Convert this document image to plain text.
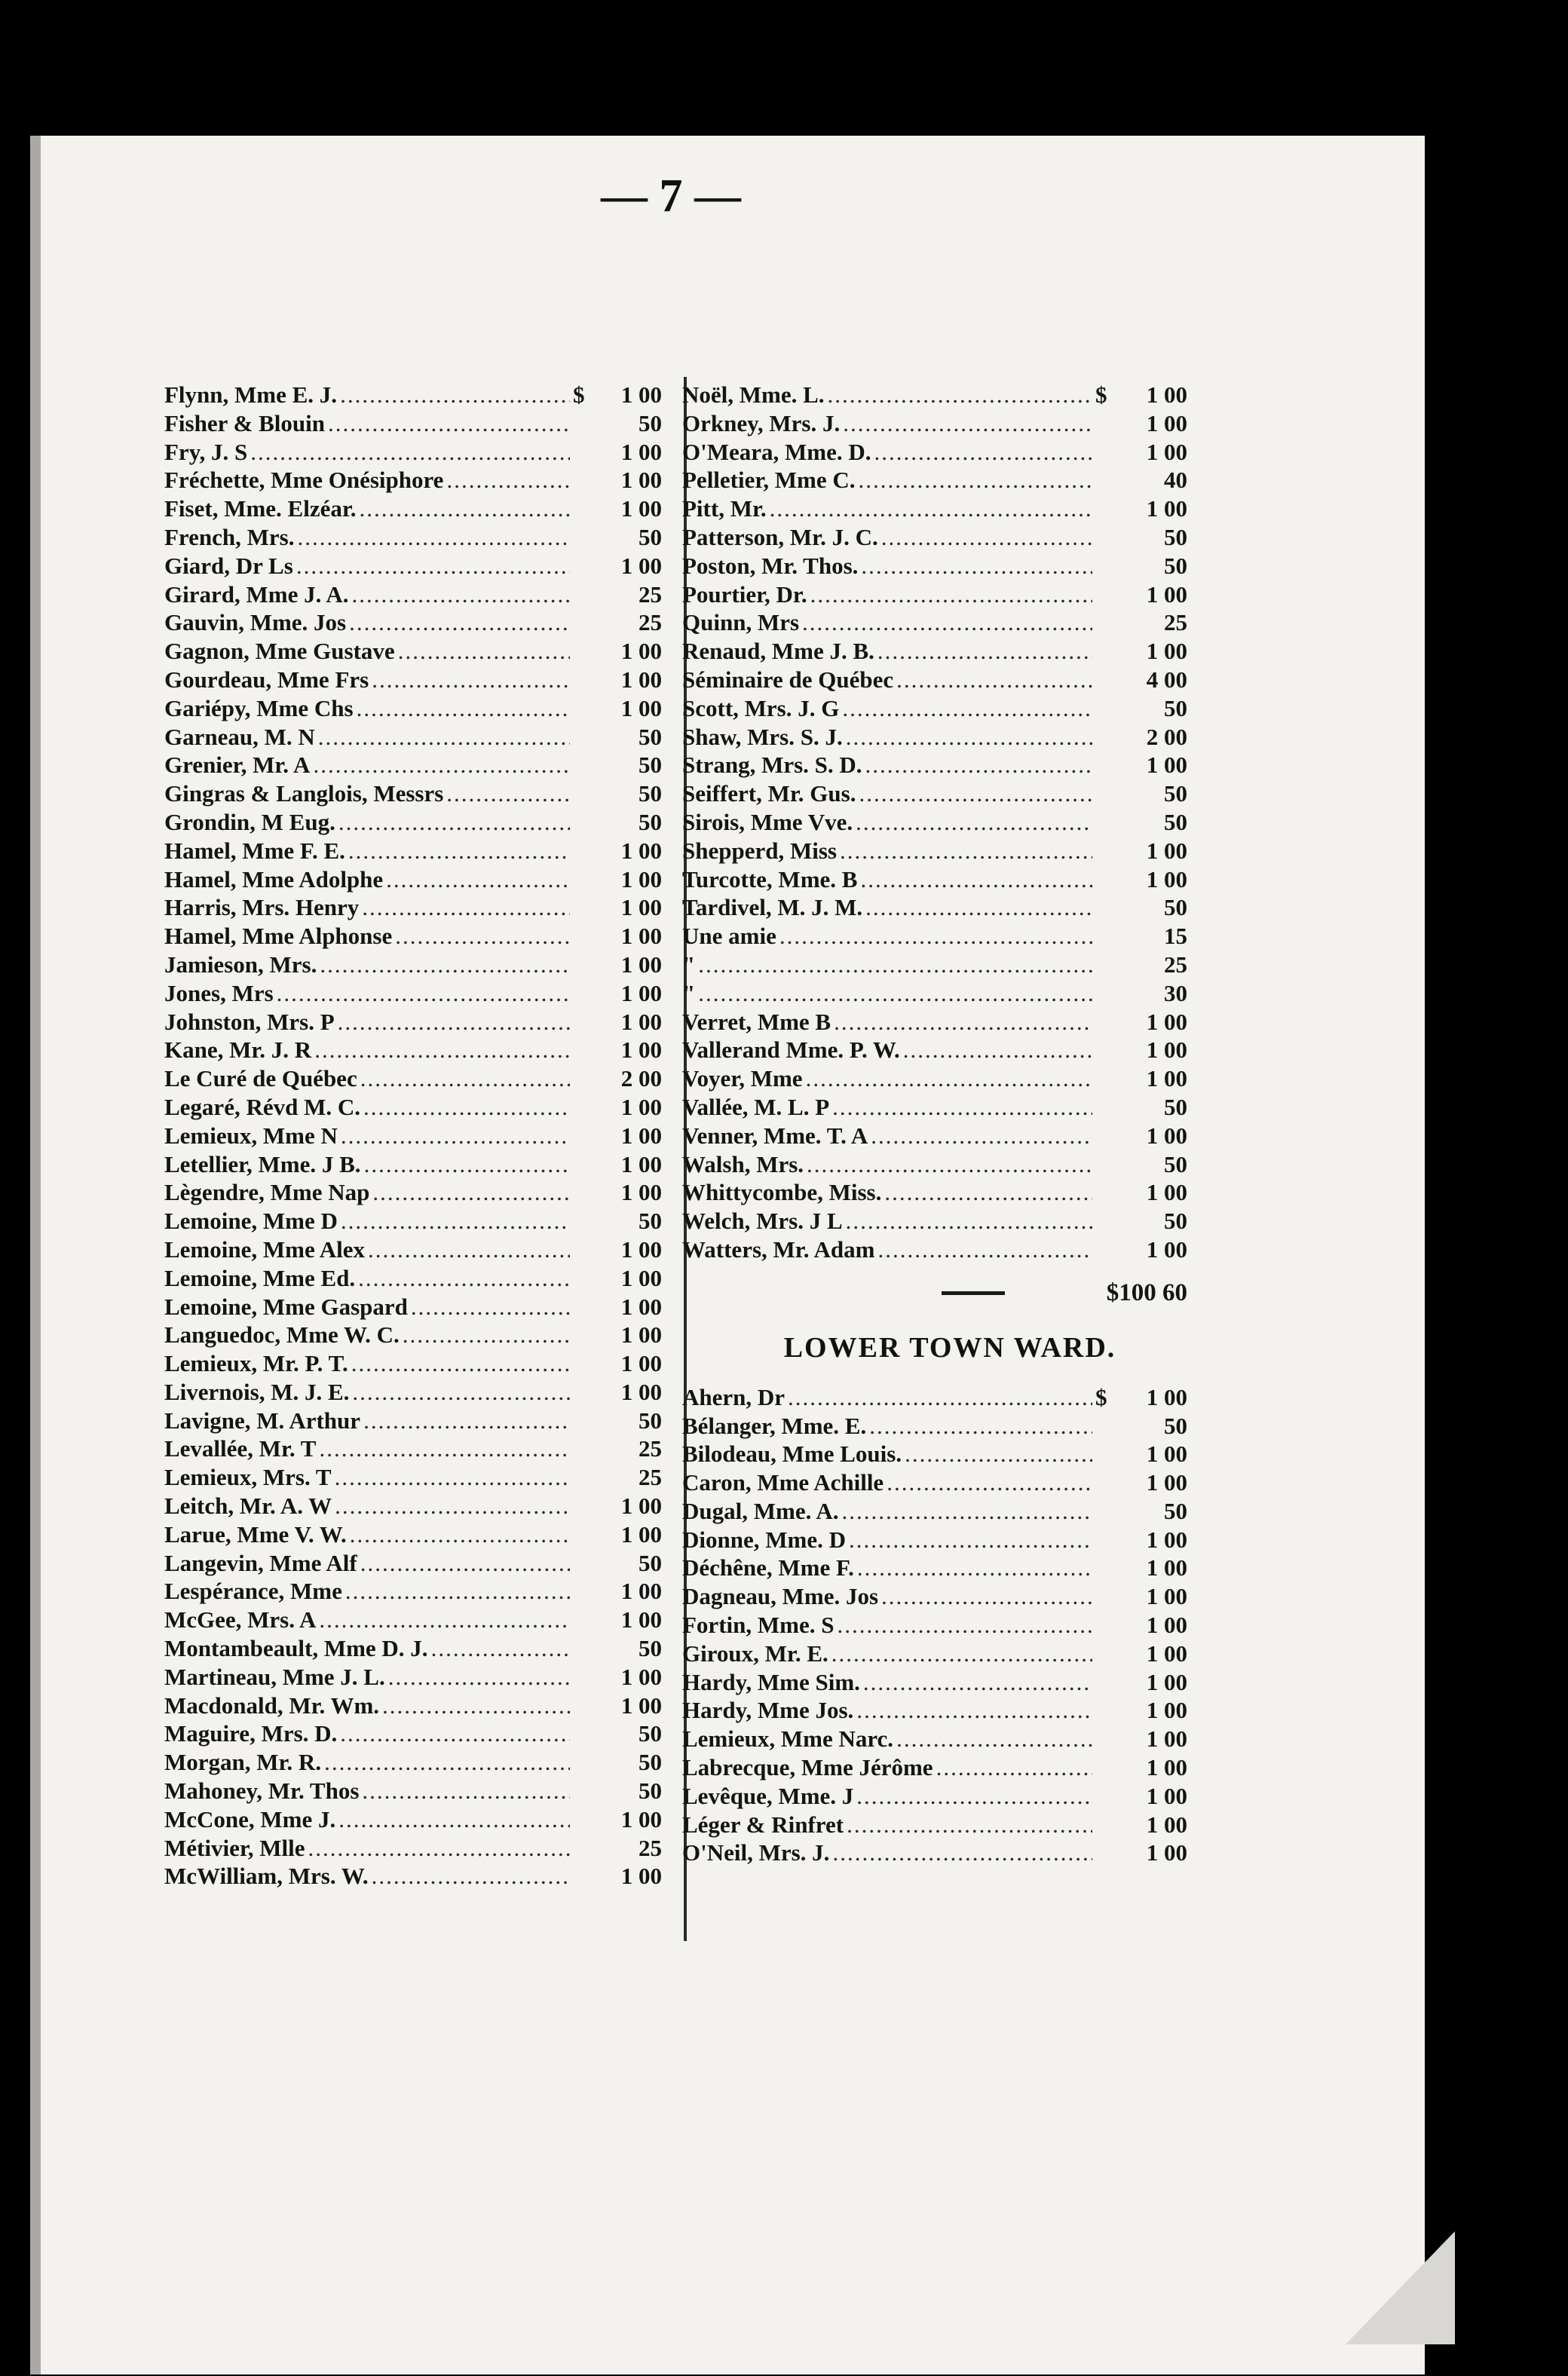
— 7 —
Flynn, Mme E. J. .....	$	1 00
Fisher & Blouin .....	50
Fry, J. S .....	1 00
Fréchette, Mme Onésiphore .....	1 00
Fiset, Mme. Elzéar. .....	1 00
French, Mrs. .....	50
Giard, Dr Ls .....	1 00
Girard, Mme J. A. .....	25
Gauvin, Mme. Jos .....	25
Gagnon, Mme Gustave .....	1 00
Gourdeau, Mme Frs .....	1 00
Gariépy, Mme Chs .....	1 00
Garneau, M. N .....	50
Grenier, Mr. A .....	50
Gingras & Langlois, Messrs .....	50
Grondin, M Eug. .....	50
Hamel, Mme F. E. .....	1 00
Hamel, Mme Adolphe .....	1 00
Harris, Mrs. Henry .....	1 00
Hamel, Mme Alphonse .....	1 00
Jamieson, Mrs. .....	1 00
Jones, Mrs .....	1 00
Johnston, Mrs. P .....	1 00
Kane, Mr. J. R .....	1 00
Le Curé de Québec .....	2 00
Legaré, Révd M. C. .....	1 00
Lemieux, Mme N .....	1 00
Letellier, Mme. J B. .....	1 00
Lègendre, Mme Nap .....	1 00
Lemoine, Mme D .....	50
Lemoine, Mme Alex .....	1 00
Lemoine, Mme Ed. .....	1 00
Lemoine, Mme Gaspard .....	1 00
Languedoc, Mme W. C. .....	1 00
Lemieux, Mr. P. T. .....	1 00
Livernois, M. J. E. .....	1 00
Lavigne, M. Arthur .....	50
Levallée, Mr. T .....	25
Lemieux, Mrs. T .....	25
Leitch, Mr. A. W .....	1 00
Larue, Mme V. W. .....	1 00
Langevin, Mme Alf .....	50
Lespérance, Mme .....	1 00
McGee, Mrs. A .....	1 00
Montambeault, Mme D. J. .....	50
Martineau, Mme J. L. .....	1 00
Macdonald, Mr. Wm. .....	1 00
Maguire, Mrs. D. .....	50
Morgan, Mr. R. .....	50
Mahoney, Mr. Thos .....	50
McCone, Mme J. .....	1 00
Métivier, Mlle .....	25
McWilliam, Mrs. W. .....	1 00
Noël, Mme. L. .....	$	1 00
Orkney, Mrs. J. .....	1 00
O'Meara, Mme. D. .....	1 00
Pelletier, Mme C. .....	40
Pitt, Mr. .....	1 00
Patterson, Mr. J. C. .....	50
Poston, Mr. Thos. .....	50
Pourtier, Dr. .....	1 00
Quinn, Mrs .....	25
Renaud, Mme J. B. .....	1 00
Séminaire de Québec .....	4 00
Scott, Mrs. J. G .....	50
Shaw, Mrs. S. J. .....	2 00
Strang, Mrs. S. D. .....	1 00
Seiffert, Mr. Gus. .....	50
Sirois, Mme Vve. .....	50
Shepperd, Miss .....	1 00
Turcotte, Mme. B .....	1 00
Tardivel, M. J. M. .....	50
Une amie .....	15
" .....	25
" .....	30
Verret, Mme B .....	1 00
Vallerand Mme. P. W. .....	1 00
Voyer, Mme .....	1 00
Vallée, M. L. P .....	50
Venner, Mme. T. A .....	1 00
Walsh, Mrs. .....	50
Whittycombe, Miss. .....	1 00
Welch, Mrs. J L .....	50
Watters, Mr. Adam .....	1 00
$100 60
LOWER TOWN WARD.
Ahern, Dr .....	$	1 00
Bélanger, Mme. E. .....	50
Bilodeau, Mme Louis. .....	1 00
Caron, Mme Achille .....	1 00
Dugal, Mme. A. .....	50
Dionne, Mme. D .....	1 00
Déchêne, Mme F. .....	1 00
Dagneau, Mme. Jos .....	1 00
Fortin, Mme. S .....	1 00
Giroux, Mr. E. .....	1 00
Hardy, Mme Sim. .....	1 00
Hardy, Mme Jos. .....	1 00
Lemieux, Mme Narc. .....	1 00
Labrecque, Mme Jérôme .....	1 00
Levêque, Mme. J .....	1 00
Léger & Rinfret .....	1 00
O'Neil, Mrs. J. .....	1 00
